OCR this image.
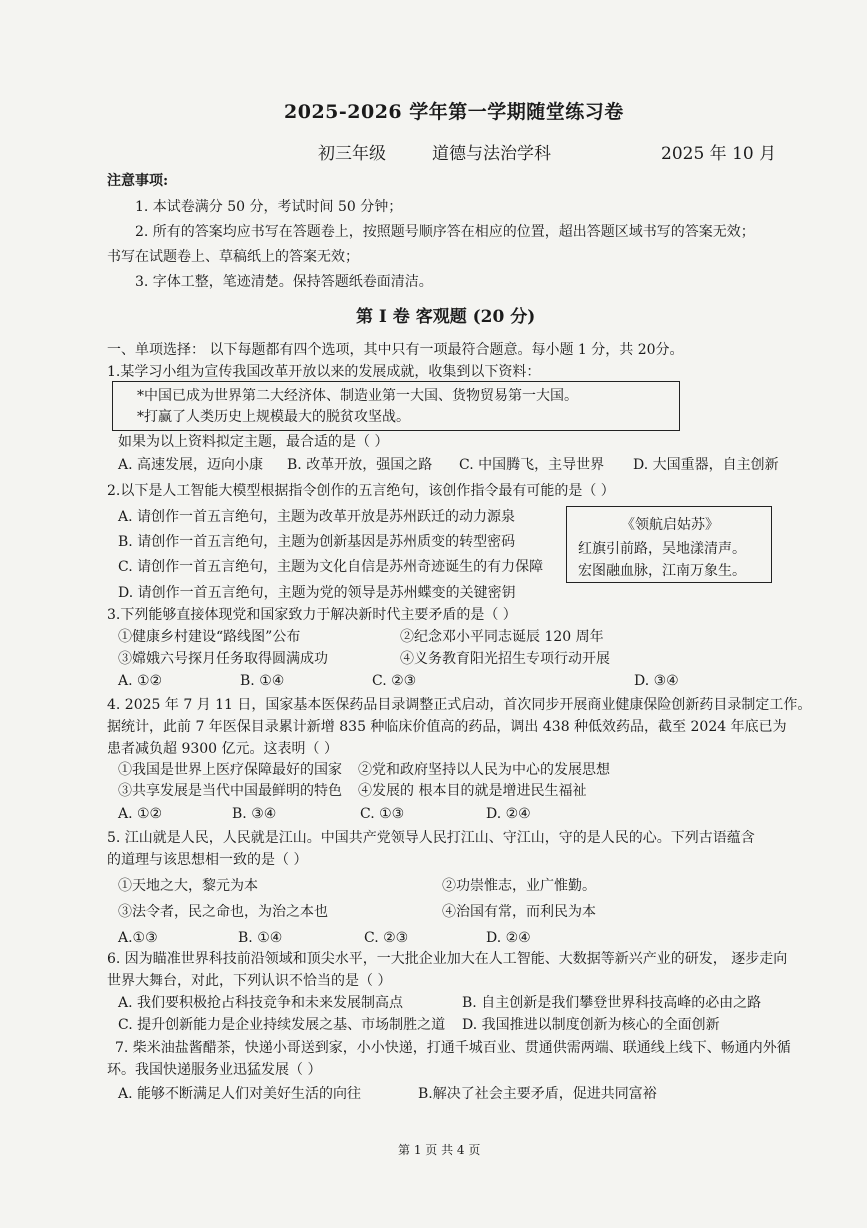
2025-2026 学年第一学期随堂练习卷
初三年级	道德与法治学科	2025 年 10 月
注意事项:
1. 本试卷满分 50 分，考试时间 50 分钟；
2. 所有的答案均应书写在答题卷上，按照题号顺序答在相应的位置，超出答题区域书写的答案无效；
书写在试题卷上、草稿纸上的答案无效；
3. 字体工整，笔迹清楚。保持答题纸卷面清洁。
第 I 卷 客观题 (20 分)
一、单项选择： 以下每题都有四个选项，其中只有一项最符合题意。每小题 1 分，共 20分。
1.某学习小组为宣传我国改革开放以来的发展成就，收集到以下资料：
*中国已成为世界第二大经济体、制造业第一大国、货物贸易第一大国。
*打赢了人类历史上规模最大的脱贫攻坚战。
如果为以上资料拟定主题，最合适的是（ ）
A. 高速发展，迈向小康 B. 改革开放，强国之路 C. 中国腾飞，主导世界 D. 大国重器，自主创新
2.以下是人工智能大模型根据指令创作的五言绝句，该创作指令最有可能的是（ ）
A. 请创作一首五言绝句，主题为改革开放是苏州跃迁的动力源泉
B. 请创作一首五言绝句，主题为创新基因是苏州质变的转型密码
C. 请创作一首五言绝句，主题为文化自信是苏州奇迹诞生的有力保障
D. 请创作一首五言绝句，主题为党的领导是苏州蝶变的关键密钥
《领航启姑苏》
红旗引前路，吴地漾清声。
宏图融血脉，江南万象生。
3.下列能够直接体现党和国家致力于解决新时代主要矛盾的是（ ）
①健康乡村建设“路线图”公布	②纪念邓小平同志诞辰 120 周年
③嫦娥六号探月任务取得圆满成功	④义务教育阳光招生专项行动开展
A. ①②	B. ①④	C. ②③	D. ③④
4. 2025 年 7 月 11 日，国家基本医保药品目录调整正式启动，首次同步开展商业健康保险创新药目录制定工作。
据统计，此前 7 年医保目录累计新增 835 种临床价值高的药品，调出 438 种低效药品，截至 2024 年底已为
患者减负超 9300 亿元。这表明（ ）
①我国是世界上医疗保障最好的国家 ②党和政府坚持以人民为中心的发展思想
③共享发展是当代中国最鲜明的特色 ④发展的 根本目的就是增进民生福祉
A. ①②	B. ③④	C. ①③	D. ②④
5. 江山就是人民，人民就是江山。中国共产党领导人民打江山、守江山，守的是人民的心。下列古语蕴含
的道理与该思想相一致的是（ ）
①天地之大，黎元为本	②功崇惟志，业广惟勤。
③法令者，民之命也，为治之本也	④治国有常，而利民为本
A.①③	B. ①④	C. ②③	D. ②④
6. 因为瞄准世界科技前沿领域和顶尖水平，一大批企业加大在人工智能、大数据等新兴产业的研发， 逐步走向
世界大舞台，对此，下列认识不恰当的是（ ）
A. 我们要积极抢占科技竞争和未来发展制高点	B. 自主创新是我们攀登世界科技高峰的必由之路
C. 提升创新能力是企业持续发展之基、市场制胜之道 D. 我国推进以制度创新为核心的全面创新
7. 柴米油盐酱醋茶，快递小哥送到家，小小快递，打通千城百业、贯通供需两端、联通线上线下、畅通内外循
环。我国快递服务业迅猛发展（ ）
A. 能够不断满足人们对美好生活的向往	B.解决了社会主要矛盾，促进共同富裕
第 1 页 共 4 页
